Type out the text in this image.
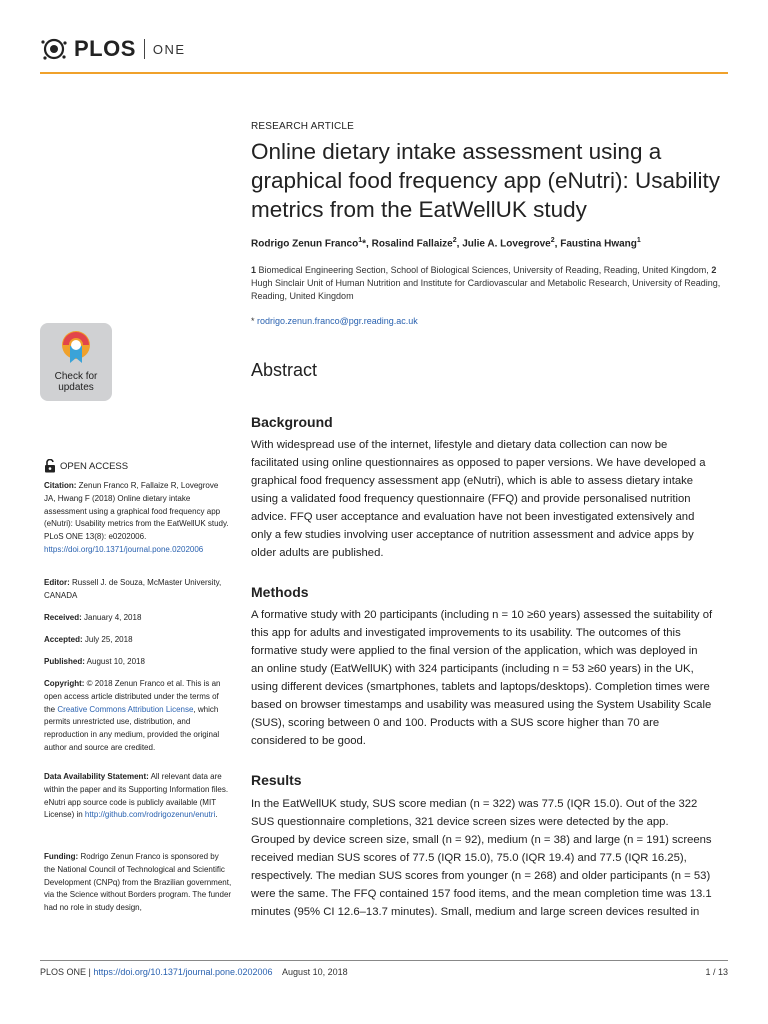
PLOS ONE
RESEARCH ARTICLE
Online dietary intake assessment using a graphical food frequency app (eNutri): Usability metrics from the EatWellUK study
Rodrigo Zenun Franco$^1$*, Rosalind Fallaize$^2$, Julie A. Lovegrove$^2$, Faustina Hwang$^1$
1 Biomedical Engineering Section, School of Biological Sciences, University of Reading, Reading, United Kingdom, 2 Hugh Sinclair Unit of Human Nutrition and Institute for Cardiovascular and Metabolic Research, University of Reading, Reading, United Kingdom
* rodrigo.zenun.franco@pgr.reading.ac.uk
Check for
updates
OPEN ACCESS
Citation: Zenun Franco R, Fallaize R, Lovegrove JA, Hwang F (2018) Online dietary intake assessment using a graphical food frequency app (eNutri): Usability metrics from the EatWellUK study. PLoS ONE 13(8): e0202006. https://doi.org/10.1371/journal.pone.0202006
Editor: Russell J. de Souza, McMaster University, CANADA
Received: January 4, 2018
Accepted: July 25, 2018
Published: August 10, 2018
Copyright: © 2018 Zenun Franco et al. This is an open access article distributed under the terms of the Creative Commons Attribution License, which permits unrestricted use, distribution, and reproduction in any medium, provided the original author and source are credited.
Data Availability Statement: All relevant data are within the paper and its Supporting Information files. eNutri app source code is publicly available (MIT License) in http://github.com/rodrigozenun/enutri.
Funding: Rodrigo Zenun Franco is sponsored by the National Council of Technological and Scientific Development (CNPq) from the Brazilian government, via the Science without Borders program. The funder had no role in study design,
Abstract
Background
With widespread use of the internet, lifestyle and dietary data collection can now be facilitated using online questionnaires as opposed to paper versions. We have developed a graphical food frequency assessment app (eNutri), which is able to assess dietary intake using a validated food frequency questionnaire (FFQ) and provide personalised nutrition advice. FFQ user acceptance and evaluation have not been investigated extensively and only a few studies involving user acceptance of nutrition assessment and advice apps by older adults are published.
Methods
A formative study with 20 participants (including n = 10 ≥60 years) assessed the suitability of this app for adults and investigated improvements to its usability. The outcomes of this formative study were applied to the final version of the application, which was deployed in an online study (EatWellUK) with 324 participants (including n = 53 ≥60 years) in the UK, using different devices (smartphones, tablets and laptops/desktops). Completion times were based on browser timestamps and usability was measured using the System Usability Scale (SUS), scoring between 0 and 100. Products with a SUS score higher than 70 are considered to be good.
Results
In the EatWellUK study, SUS score median (n = 322) was 77.5 (IQR 15.0). Out of the 322 SUS questionnaire completions, 321 device screen sizes were detected by the app. Grouped by device screen size, small (n = 92), medium (n = 38) and large (n = 191) screens received median SUS scores of 77.5 (IQR 15.0), 75.0 (IQR 19.4) and 77.5 (IQR 16.25), respectively. The median SUS scores from younger (n = 268) and older participants (n = 53) were the same. The FFQ contained 157 food items, and the mean completion time was 13.1 minutes (95% CI 12.6–13.7 minutes). Small, medium and large screen devices resulted in
PLOS ONE | https://doi.org/10.1371/journal.pone.0202006 August 10, 2018	1 / 13
